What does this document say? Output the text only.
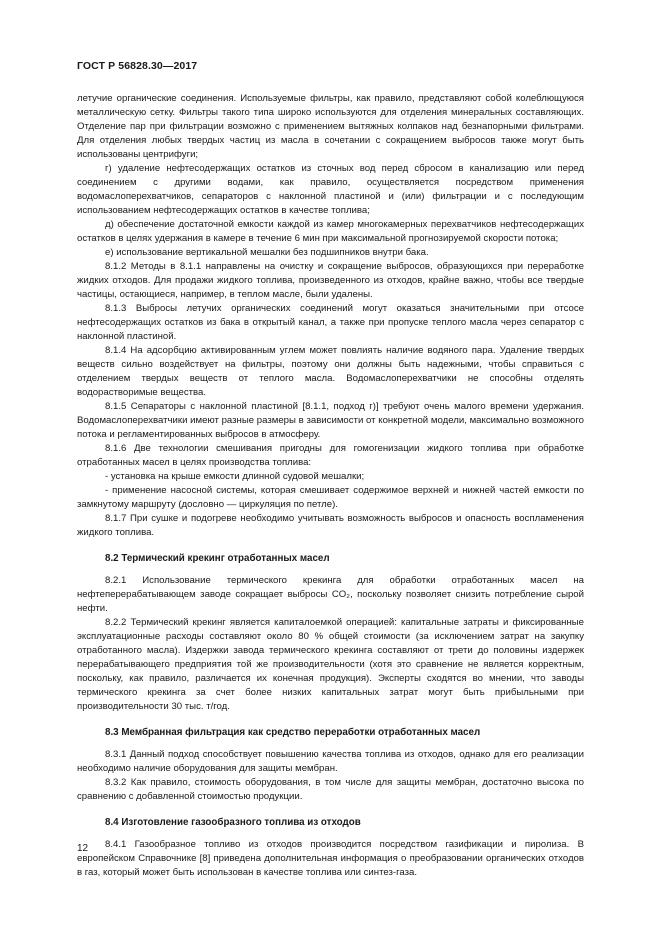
ГОСТ Р 56828.30—2017

летучие органические соединения. Используемые фильтры, как правило, представляют собой колеблющуюся металлическую сетку. Фильтры такого типа широко используются для отделения минеральных составляющих. Отделение пар при фильтрации возможно с применением вытяжных колпаков над безнапорными фильтрами. Для отделения любых твердых частиц из масла в сочетании с сокращением выбросов также могут быть использованы центрифуги;

г) удаление нефтесодержащих остатков из сточных вод перед сбросом в канализацию или перед соединением с другими водами, как правило, осуществляется посредством применения водомаслоперехватчиков, сепараторов с наклонной пластиной и (или) фильтрации и с последующим использованием нефтесодержащих остатков в качестве топлива;

д) обеспечение достаточной емкости каждой из камер многокамерных перехватчиков нефтесодержащих остатков в целях удержания в камере в течение 6 мин при максимальной прогнозируемой скорости потока;

е) использование вертикальной мешалки без подшипников внутри бака.

8.1.2 Методы в 8.1.1 направлены на очистку и сокращение выбросов, образующихся при переработке жидких отходов. Для продажи жидкого топлива, произведенного из отходов, крайне важно, чтобы все твердые частицы, остающиеся, например, в теплом масле, были удалены.

8.1.3 Выбросы летучих органических соединений могут оказаться значительными при отсосе нефтесодержащих остатков из бака в открытый канал, а также при пропуске теплого масла через сепаратор с наклонной пластиной.

8.1.4 На адсорбцию активированным углем может повлиять наличие водяного пара. Удаление твердых веществ сильно воздействует на фильтры, поэтому они должны быть надежными, чтобы справиться с отделением твердых веществ от теплого масла. Водомаслоперехватчики не способны отделять водорастворимые вещества.

8.1.5 Сепараторы с наклонной пластиной [8.1.1, подход г)] требуют очень малого времени удержания. Водомаслоперехватчики имеют разные размеры в зависимости от конкретной модели, максимально возможного потока и регламентированных выбросов в атмосферу.

8.1.6 Две технологии смешивания пригодны для гомогенизации жидкого топлива при обработке отработанных масел в целях производства топлива:

- установка на крыше емкости длинной судовой мешалки;

- применение насосной системы, которая смешивает содержимое верхней и нижней частей емкости по замкнутому маршруту (дословно — циркуляция по петле).

8.1.7 При сушке и подогреве необходимо учитывать возможность выбросов и опасность воспламенения жидкого топлива.

8.2 Термический крекинг отработанных масел

8.2.1 Использование термического крекинга для обработки отработанных масел на нефтеперерабатывающем заводе сокращает выбросы CO₂, поскольку позволяет снизить потребление сырой нефти.

8.2.2 Термический крекинг является капиталоемкой операцией: капитальные затраты и фиксированные эксплуатационные расходы составляют около 80 % общей стоимости (за исключением затрат на закупку отработанного масла). Издержки завода термического крекинга составляют от трети до половины издержек перерабатывающего предприятия той же производительности (хотя это сравнение не является корректным, поскольку, как правило, различается их конечная продукция). Эксперты сходятся во мнении, что заводы термического крекинга за счет более низких капитальных затрат могут быть прибыльными при производительности 30 тыс. т/год.

8.3 Мембранная фильтрация как средство переработки отработанных масел

8.3.1 Данный подход способствует повышению качества топлива из отходов, однако для его реализации необходимо наличие оборудования для защиты мембран.

8.3.2 Как правило, стоимость оборудования, в том числе для защиты мембран, достаточно высока по сравнению с добавленной стоимостью продукции.

8.4 Изготовление газообразного топлива из отходов

8.4.1 Газообразное топливо из отходов производится посредством газификации и пиролиза. В европейском Справочнике [8] приведена дополнительная информация о преобразовании органических отходов в газ, который может быть использован в качестве топлива или синтез-газа.

12
